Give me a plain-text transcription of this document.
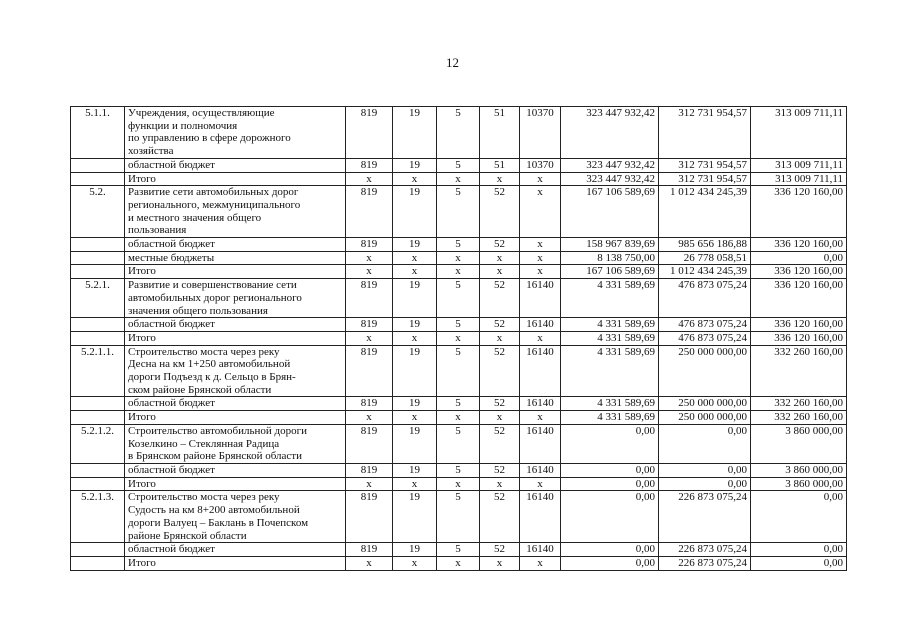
12
5.1.1.	Учреждения, осуществляющие
функции и полномочия
по управлению в сфере дорожного
хозяйства	819	19	5	51	10370	323 447 932,42	312 731 954,57	313 009 711,11
	областной бюджет	819	19	5	51	10370	323 447 932,42	312 731 954,57	313 009 711,11
	Итого	х	х	х	х	х	323 447 932,42	312 731 954,57	313 009 711,11
5.2.	Развитие сети автомобильных дорог
регионального, межмуниципального
и местного значения общего
пользования	819	19	5	52	х	167 106 589,69	1 012 434 245,39	336 120 160,00
	областной бюджет	819	19	5	52	х	158 967 839,69	985 656 186,88	336 120 160,00
	местные бюджеты	х	х	х	х	х	8 138 750,00	26 778 058,51	0,00
	Итого	х	х	х	х	х	167 106 589,69	1 012 434 245,39	336 120 160,00
5.2.1.	Развитие и совершенствование сети
автомобильных дорог регионального
значения общего пользования	819	19	5	52	16140	4 331 589,69	476 873 075,24	336 120 160,00
	областной бюджет	819	19	5	52	16140	4 331 589,69	476 873 075,24	336 120 160,00
	Итого	х	х	х	х	х	4 331 589,69	476 873 075,24	336 120 160,00
5.2.1.1.	Строительство моста через реку
Десна на км 1+250 автомобильной
дороги Подъезд к д. Сельцо в Брян-
ском районе Брянской области	819	19	5	52	16140	4 331 589,69	250 000 000,00	332 260 160,00
	областной бюджет	819	19	5	52	16140	4 331 589,69	250 000 000,00	332 260 160,00
	Итого	х	х	х	х	х	4 331 589,69	250 000 000,00	332 260 160,00
5.2.1.2.	Строительство автомобильной дороги
Козелкино – Стеклянная Радица
в Брянском районе Брянской области	819	19	5	52	16140	0,00	0,00	3 860 000,00
	областной бюджет	819	19	5	52	16140	0,00	0,00	3 860 000,00
	Итого	х	х	х	х	х	0,00	0,00	3 860 000,00
5.2.1.3.	Строительство моста через реку
Судость на км 8+200 автомобильной
дороги Валуец – Баклань в Почепском
районе Брянской области	819	19	5	52	16140	0,00	226 873 075,24	0,00
	областной бюджет	819	19	5	52	16140	0,00	226 873 075,24	0,00
	Итого	х	х	х	х	х	0,00	226 873 075,24	0,00
